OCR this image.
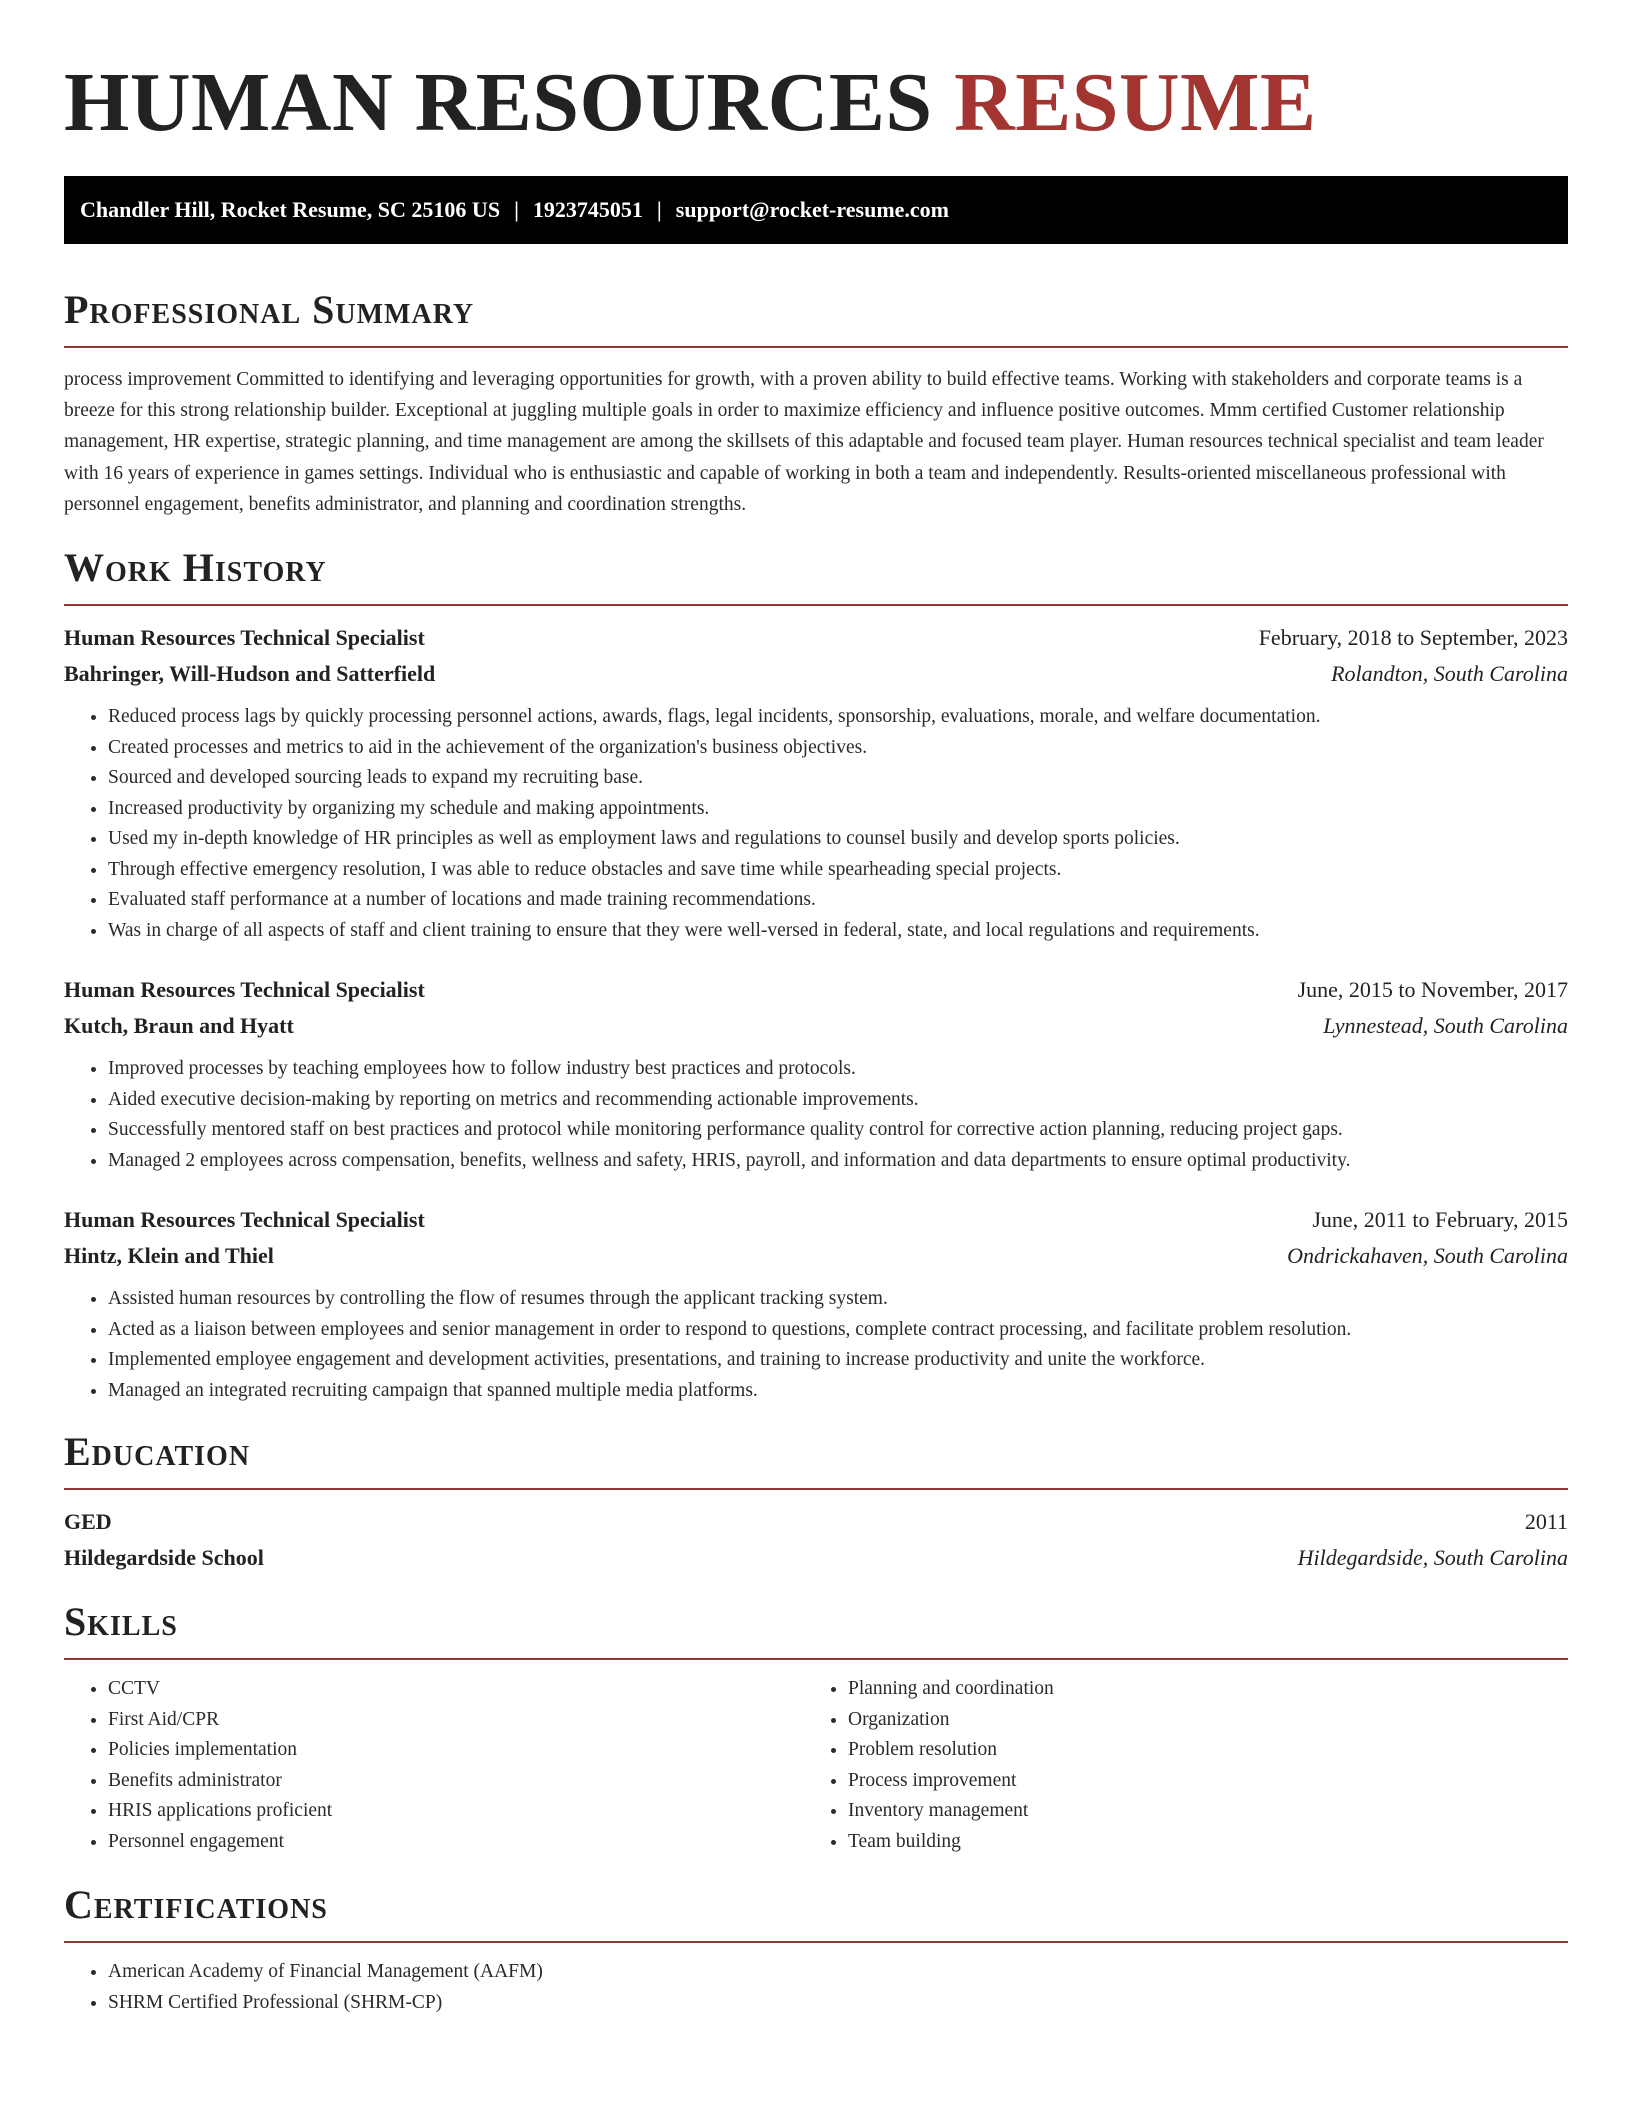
HUMAN RESOURCES RESUME
Chandler Hill, Rocket Resume, SC 25106 US | 1923745051 | support@rocket-resume.com
Professional Summary

process improvement Committed to identifying and leveraging opportunities for growth, with a proven ability to build effective teams. Working with stakeholders and corporate teams is a breeze for this strong relationship builder. Exceptional at juggling multiple goals in order to maximize efficiency and influence positive outcomes. Mmm certified Customer relationship management, HR expertise, strategic planning, and time management are among the skillsets of this adaptable and focused team player. Human resources technical specialist and team leader with 16 years of experience in games settings. Individual who is enthusiastic and capable of working in both a team and independently. Results-oriented miscellaneous professional with personnel engagement, benefits administrator, and planning and coordination strengths.

Work History
Human Resources Technical Specialist	February, 2018 to September, 2023
Bahringer, Will-Hudson and Satterfield	Rolandton, South Carolina
• Reduced process lags by quickly processing personnel actions, awards, flags, legal incidents, sponsorship, evaluations, morale, and welfare documentation.
• Created processes and metrics to aid in the achievement of the organization's business objectives.
• Sourced and developed sourcing leads to expand my recruiting base.
• Increased productivity by organizing my schedule and making appointments.
• Used my in-depth knowledge of HR principles as well as employment laws and regulations to counsel busily and develop sports policies.
• Through effective emergency resolution, I was able to reduce obstacles and save time while spearheading special projects.
• Evaluated staff performance at a number of locations and made training recommendations.
• Was in charge of all aspects of staff and client training to ensure that they were well-versed in federal, state, and local regulations and requirements.
Human Resources Technical Specialist	June, 2015 to November, 2017
Kutch, Braun and Hyatt	Lynnestead, South Carolina
• Improved processes by teaching employees how to follow industry best practices and protocols.
• Aided executive decision-making by reporting on metrics and recommending actionable improvements.
• Successfully mentored staff on best practices and protocol while monitoring performance quality control for corrective action planning, reducing project gaps.
• Managed 2 employees across compensation, benefits, wellness and safety, HRIS, payroll, and information and data departments to ensure optimal productivity.
Human Resources Technical Specialist	June, 2011 to February, 2015
Hintz, Klein and Thiel	Ondrickahaven, South Carolina
• Assisted human resources by controlling the flow of resumes through the applicant tracking system.
• Acted as a liaison between employees and senior management in order to respond to questions, complete contract processing, and facilitate problem resolution.
• Implemented employee engagement and development activities, presentations, and training to increase productivity and unite the workforce.
• Managed an integrated recruiting campaign that spanned multiple media platforms.
Education
GED	2011
Hildegardside School	Hildegardside, South Carolina
Skills
• CCTV
• First Aid/CPR
• Policies implementation
• Benefits administrator
• HRIS applications proficient
• Personnel engagement
• Planning and coordination
• Organization
• Problem resolution
• Process improvement
• Inventory management
• Team building
Certifications
• American Academy of Financial Management (AAFM)
• SHRM Certified Professional (SHRM-CP)
